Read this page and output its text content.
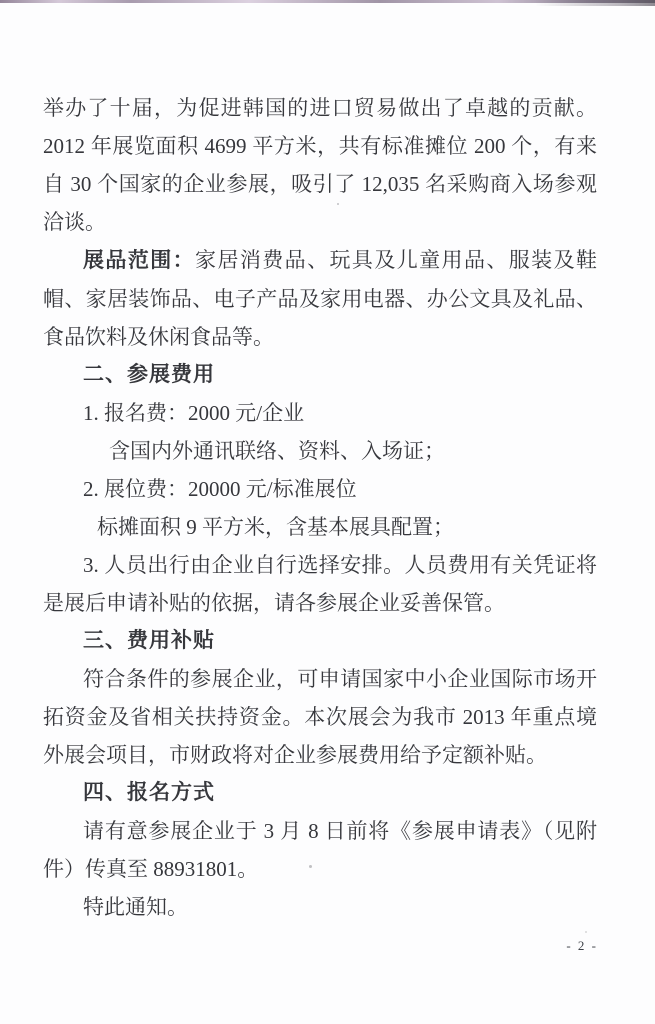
举办了十届，为促进韩国的进口贸易做出了卓越的贡献。2012 年展览面积 4699 平方米，共有标准摊位 200 个，有来自 30 个国家的企业参展，吸引了 12,035 名采购商入场参观洽谈。

展品范围：家居消费品、玩具及儿童用品、服装及鞋帽、家居装饰品、电子产品及家用电器、办公文具及礼品、食品饮料及休闲食品等。

二、参展费用

1. 报名费：2000 元/企业

含国内外通讯联络、资料、入场证；

2. 展位费：20000 元/标准展位

标摊面积 9 平方米，含基本展具配置；

3. 人员出行由企业自行选择安排。人员费用有关凭证将是展后申请补贴的依据，请各参展企业妥善保管。

三、费用补贴

符合条件的参展企业，可申请国家中小企业国际市场开拓资金及省相关扶持资金。本次展会为我市 2013 年重点境外展会项目，市财政将对企业参展费用给予定额补贴。

四、报名方式

请有意参展企业于 3 月 8 日前将《参展申请表》（见附件）传真至 88931801。

特此通知。

- 2 -
